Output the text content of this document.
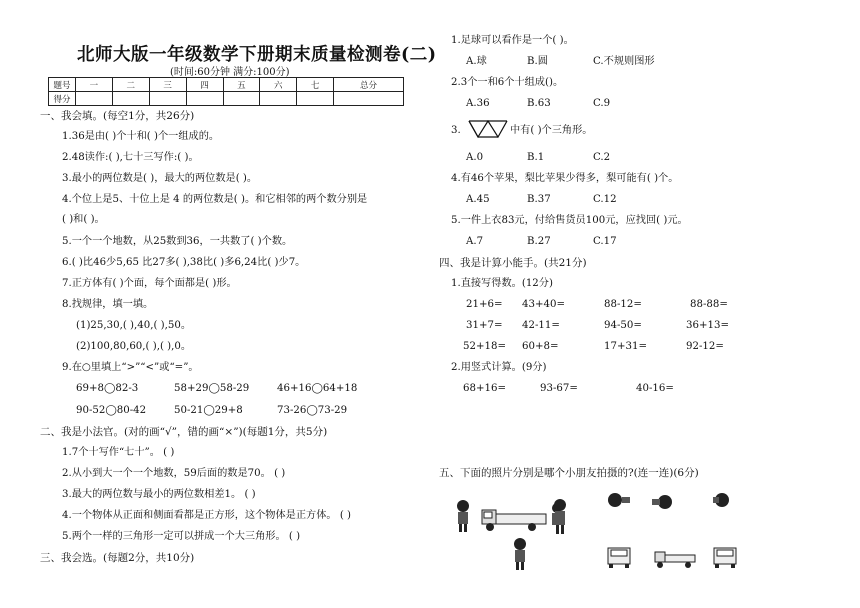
北师大版一年级数学下册期末质量检测卷(二)
(时间:60分钟 满分:100分)
题号	一	二	三	四	五	六	七	总分
得分								
一、我会填。(每空1分，共26分)
1.36是由( )个十和( )个一组成的。
2.48读作:( ),七十三写作:( )。
3.最小的两位数是( )，最大的两位数是( )。
4.个位上是5、十位上是 4 的两位数是( )。和它相邻的两个数分别是
( )和( )。
5.一个一个地数，从25数到36，一共数了( )个数。
6.( )比46少5,65 比27多( ),38比( )多6,24比( )少7。
7.正方体有( )个面，每个面都是( )形。
8.找规律，填一填。
(1)25,30,( ),40,( ),50。
(2)100,80,60,( ),( ),0。
9.在○里填上“>”“<”或“=”。
69+8◯82-3	58+29◯58-29	46+16◯64+18
90-52◯80-42	50-21◯29+8	73-26◯73-29
二、我是小法官。(对的画“√”，错的画“×”)(每题1分，共5分)
1.7个十写作“七十”。 ( )
2.从小到大一个一个地数，59后面的数是70。 ( )
3.最大的两位数与最小的两位数相差1。 ( )
4.一个物体从正面和侧面看都是正方形，这个物体是正方体。 ( )
5.两个一样的三角形一定可以拼成一个大三角形。 ( )
三、我会选。(每题2分，共10分)
1.足球可以看作是一个( )。
A.球	B.圆	C.不规则图形
2.3个一和6个十组成()。
A.36	B.63	C.9
3.	中有( )个三角形。
A.0	B.1	C.2
4.有46个苹果，梨比苹果少得多，梨可能有( )个。
A.45	B.37	C.12
5.一件上衣83元，付给售货员100元，应找回( )元。
A.7	B.27	C.17
四、我是计算小能手。(共21分)
1.直接写得数。(12分)
21+6= 43+40=	88-12=	88-88=
31+7= 42-11=	94-50=	36+13=
52+18= 60+8=	17+31=	92-12=
2.用竖式计算。(9分)
68+16=	93-67=	40-16=
五、下面的照片分别是哪个小朋友拍摄的?(连一连)(6分)
